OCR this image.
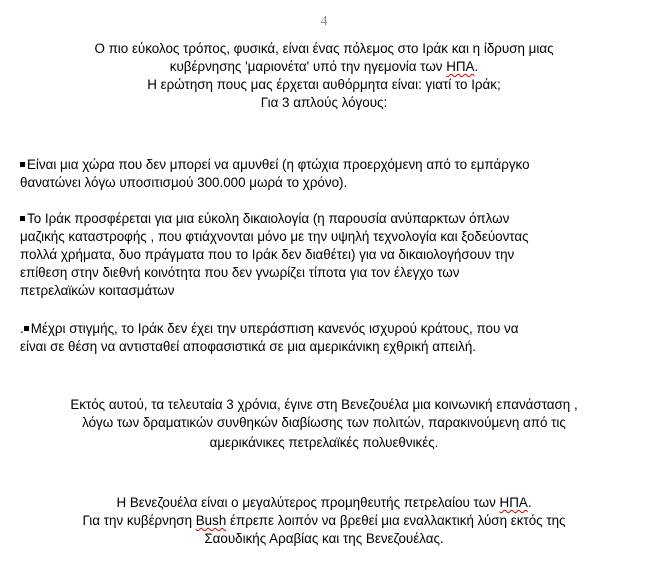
4
Ο πιο εύκολος τρόπος, φυσικά, είναι ένας πόλεμος στο Ιράκ και η ίδρυση μιας
κυβέρνησης 'μαριονέτα' υπό την ηγεμονία των ΗΠΑ.
Η ερώτηση πους μας έρχεται αυθόρμητα είναι: γιατί το Ιράκ;
Για 3 απλούς λόγους:
Είναι μια χώρα που δεν μπορεί να αμυνθεί (η φτώχια προερχόμενη από το εμπάργκο
θανατώνει λόγω υποσιτισμού 300.000 μωρά το χρόνο).
Το Ιράκ προσφέρεται για μια εύκολη δικαιολογία (η παρουσία ανύπαρκτων όπλων
μαζικής καταστροφής , που φτιάχνονται μόνο με την υψηλή τεχνολογία και ξοδεύοντας
πολλά χρήματα, δυο πράγματα που το Ιράκ δεν διαθέτει) για να δικαιολογήσουν την
επίθεση στην διεθνή κοινότητα που δεν γνωρίζει τίποτα για τον έλεγχο των
πετρελαϊκών κοιτασμάτων
. Μέχρι στιγμής, το Ιράκ δεν έχει την υπεράσπιση κανενός ισχυρού κράτους, που να
είναι σε θέση να αντισταθεί αποφασιστικά σε μια αμερικάνικη εχθρική απειλή.
Εκτός αυτού, τα τελευταία 3 χρόνια, έγινε στη Βενεζουέλα μια κοινωνική επανάσταση ,
λόγω των δραματικών συνθηκών διαβίωσης των πολιτών, παρακινούμενη από τις
αμερικάνικες πετρελαϊκές πολυεθνικές.
Η Βενεζουέλα είναι ο μεγαλύτερος προμηθευτής πετρελαίου των ΗΠΑ.
Για την κυβέρνηση Bush έπρεπε λοιπόν να βρεθεί μια εναλλακτική λύση εκτός της
Σαουδικής Αραβίας και της Βενεζουέλας.
